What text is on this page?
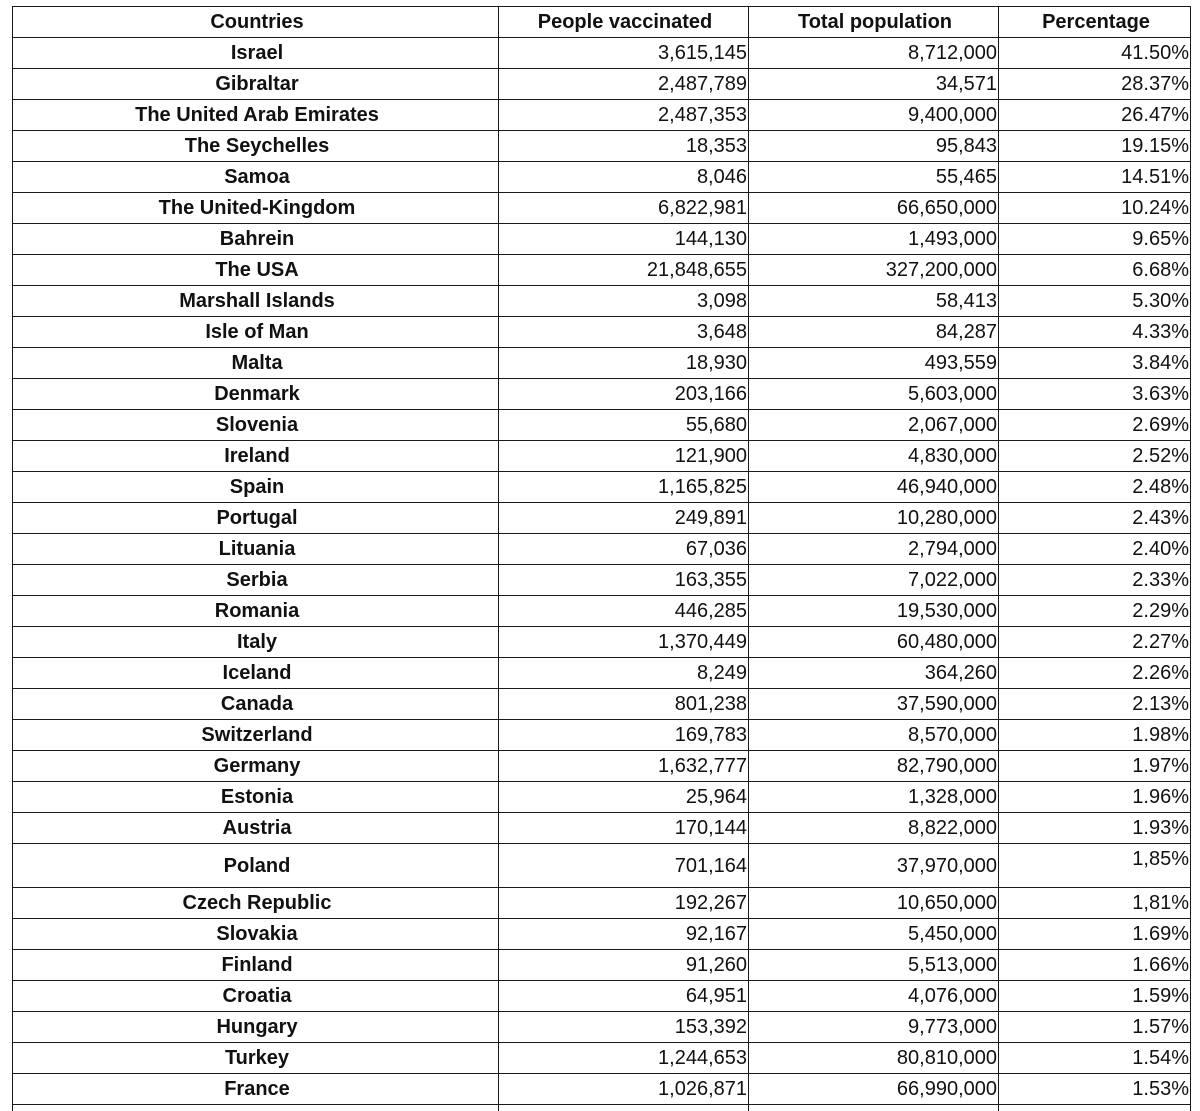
Countries	People vaccinated	Total population	Percentage
Israel	3,615,145	8,712,000	41.50%
Gibraltar	2,487,789	34,571	28.37%
The United Arab Emirates	2,487,353	9,400,000	26.47%
The Seychelles	18,353	95,843	19.15%
Samoa	8,046	55,465	14.51%
The United-Kingdom	6,822,981	66,650,000	10.24%
Bahrein	144,130	1,493,000	9.65%
The USA	21,848,655	327,200,000	6.68%
Marshall Islands	3,098	58,413	5.30%
Isle of Man	3,648	84,287	4.33%
Malta	18,930	493,559	3.84%
Denmark	203,166	5,603,000	3.63%
Slovenia	55,680	2,067,000	2.69%
Ireland	121,900	4,830,000	2.52%
Spain	1,165,825	46,940,000	2.48%
Portugal	249,891	10,280,000	2.43%
Lituania	67,036	2,794,000	2.40%
Serbia	163,355	7,022,000	2.33%
Romania	446,285	19,530,000	2.29%
Italy	1,370,449	60,480,000	2.27%
Iceland	8,249	364,260	2.26%
Canada	801,238	37,590,000	2.13%
Switzerland	169,783	8,570,000	1.98%
Germany	1,632,777	82,790,000	1.97%
Estonia	25,964	1,328,000	1.96%
Austria	170,144	8,822,000	1.93%
Poland	701,164	37,970,000	1,85%
Czech Republic	192,267	10,650,000	1,81%
Slovakia	92,167	5,450,000	1.69%
Finland	91,260	5,513,000	1.66%
Croatia	64,951	4,076,000	1.59%
Hungary	153,392	9,773,000	1.57%
Turkey	1,244,653	80,810,000	1.54%
France	1,026,871	66,990,000	1.53%
